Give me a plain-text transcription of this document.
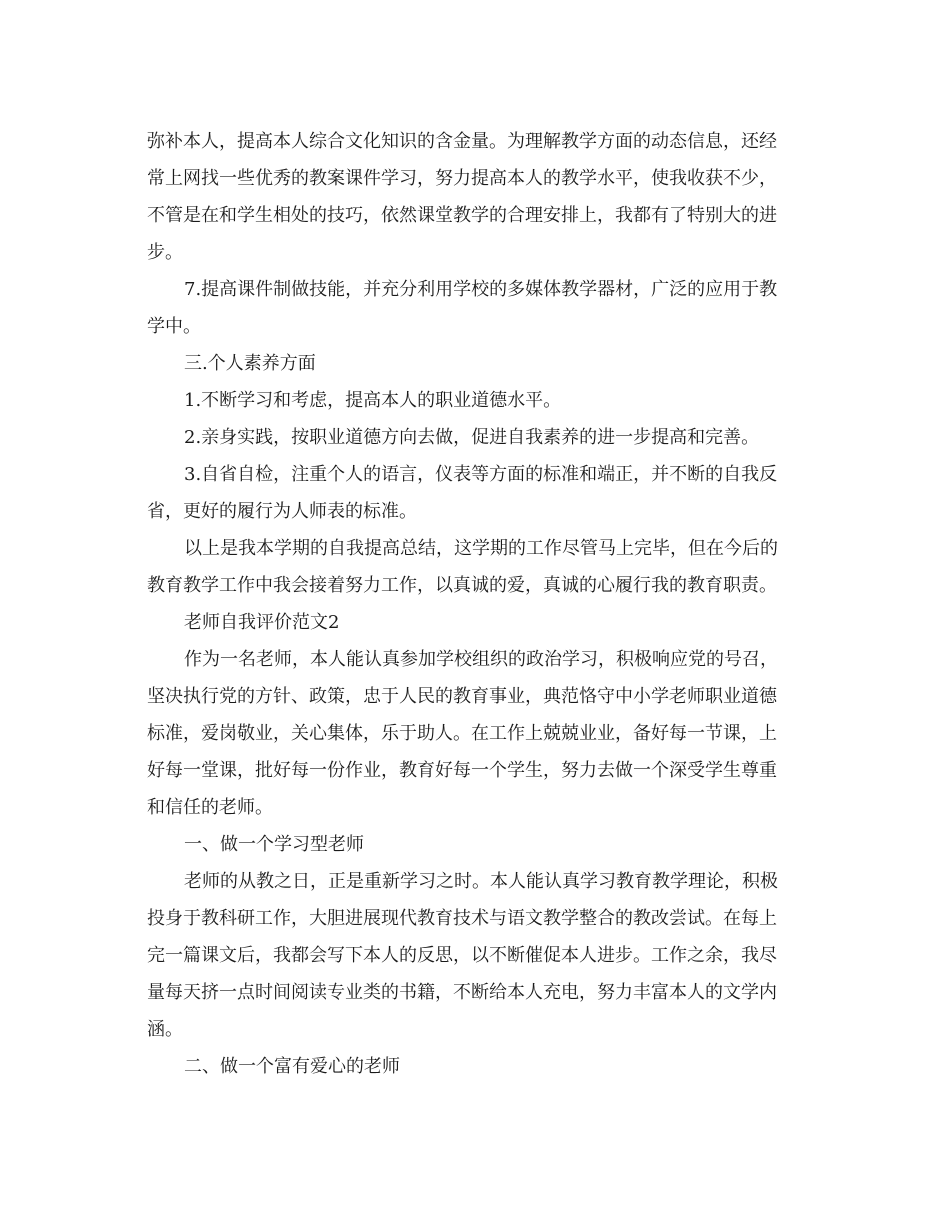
弥补本人，提高本人综合文化知识的含金量。为理解教学方面的动态信息，还经

常上网找一些优秀的教案课件学习，努力提高本人的教学水平，使我收获不少，

不管是在和学生相处的技巧，依然课堂教学的合理安排上，我都有了特别大的进

步。

7.提高课件制做技能，并充分利用学校的多媒体教学器材，广泛的应用于教

学中。

三.个人素养方面

1.不断学习和考虑，提高本人的职业道德水平。

2.亲身实践，按职业道德方向去做，促进自我素养的进一步提高和完善。

3.自省自检，注重个人的语言，仪表等方面的标准和端正，并不断的自我反

省，更好的履行为人师表的标准。

以上是我本学期的自我提高总结，这学期的工作尽管马上完毕，但在今后的

教育教学工作中我会接着努力工作，以真诚的爱，真诚的心履行我的教育职责。

老师自我评价范文2

作为一名老师，本人能认真参加学校组织的政治学习，积极响应党的号召，

坚决执行党的方针、政策，忠于人民的教育事业，典范恪守中小学老师职业道德

标准，爱岗敬业，关心集体，乐于助人。在工作上兢兢业业，备好每一节课，上

好每一堂课，批好每一份作业，教育好每一个学生，努力去做一个深受学生尊重

和信任的老师。

一、做一个学习型老师

老师的从教之日，正是重新学习之时。本人能认真学习教育教学理论，积极

投身于教科研工作，大胆进展现代教育技术与语文教学整合的教改尝试。在每上

完一篇课文后，我都会写下本人的反思，以不断催促本人进步。工作之余，我尽

量每天挤一点时间阅读专业类的书籍，不断给本人充电，努力丰富本人的文学内

涵。

二、做一个富有爱心的老师
